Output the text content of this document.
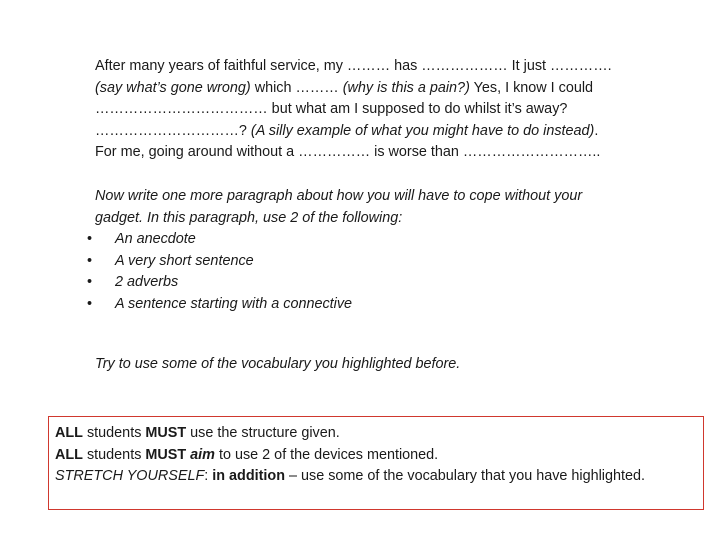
After many years of faithful service, my ……… has ……………… It just …………. (say what’s gone wrong) which ……… (why is this a pain?) Yes, I know I could ……………………………… but what am I supposed to do whilst it’s away? …………………………? (A silly example of what you might have to do instead). For me, going around without a …………… is worse than ………………………..
Now write one more paragraph about how you will have to cope without your gadget. In this paragraph, use 2 of the following:
• An anecdote
• A very short sentence
• 2 adverbs
• A sentence starting with a connective
Try to use some of the vocabulary you highlighted before.
ALL students MUST use the structure given.
ALL students MUST aim to use 2 of the devices mentioned.
STRETCH YOURSELF: in addition – use some of the vocabulary that you have highlighted.
